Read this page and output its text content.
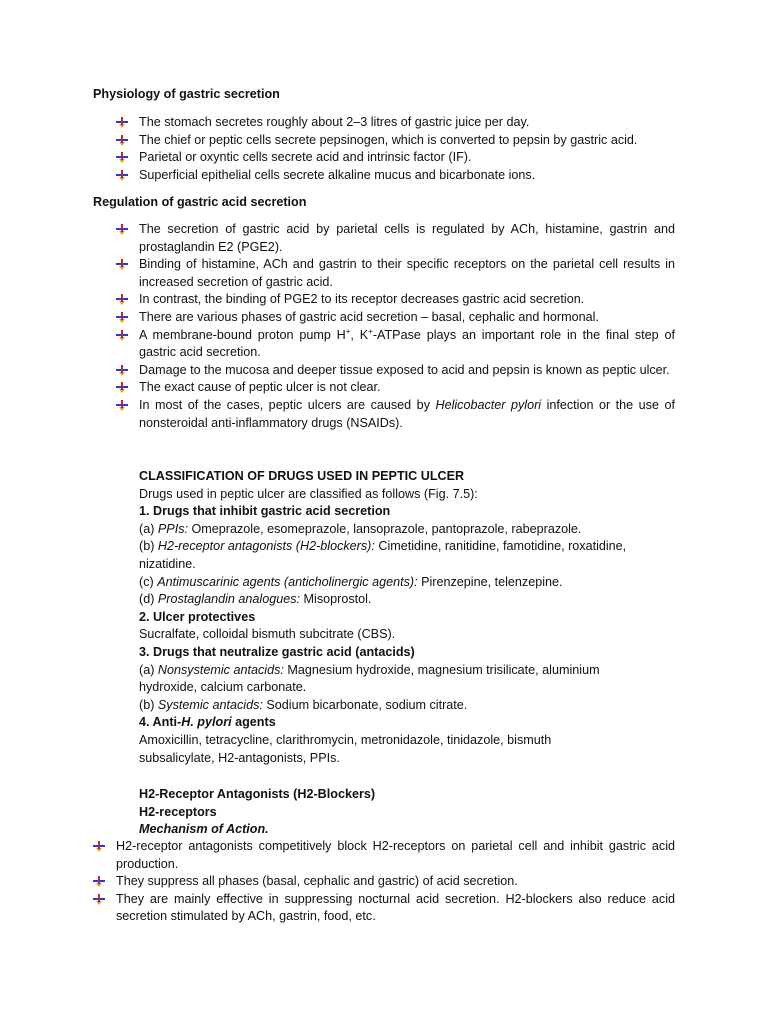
Physiology of gastric secretion
The stomach secretes roughly about 2–3 litres of gastric juice per day.
The chief or peptic cells secrete pepsinogen, which is converted to pepsin by gastric acid.
Parietal or oxyntic cells secrete acid and intrinsic factor (IF).
Superficial epithelial cells secrete alkaline mucus and bicarbonate ions.
Regulation of gastric acid secretion
The secretion of gastric acid by parietal cells is regulated by ACh, histamine, gastrin and prostaglandin E2 (PGE2).
Binding of histamine, ACh and gastrin to their specific receptors on the parietal cell results in increased secretion of gastric acid.
In contrast, the binding of PGE2 to its receptor decreases gastric acid secretion.
There are various phases of gastric acid secretion – basal, cephalic and hormonal.
A membrane-bound proton pump H+, K+-ATPase plays an important role in the final step of gastric acid secretion.
Damage to the mucosa and deeper tissue exposed to acid and pepsin is known as peptic ulcer.
The exact cause of peptic ulcer is not clear.
In most of the cases, peptic ulcers are caused by Helicobacter pylori infection or the use of nonsteroidal anti-inflammatory drugs (NSAIDs).
CLASSIFICATION OF DRUGS USED IN PEPTIC ULCER
Drugs used in peptic ulcer are classified as follows (Fig. 7.5):
1. Drugs that inhibit gastric acid secretion
(a) PPIs: Omeprazole, esomeprazole, lansoprazole, pantoprazole, rabeprazole.
(b) H2-receptor antagonists (H2-blockers): Cimetidine, ranitidine, famotidine, roxatidine, nizatidine.
(c) Antimuscarinic agents (anticholinergic agents): Pirenzepine, telenzepine.
(d) Prostaglandin analogues: Misoprostol.
2. Ulcer protectives
Sucralfate, colloidal bismuth subcitrate (CBS).
3. Drugs that neutralize gastric acid (antacids)
(a) Nonsystemic antacids: Magnesium hydroxide, magnesium trisilicate, aluminium hydroxide, calcium carbonate.
(b) Systemic antacids: Sodium bicarbonate, sodium citrate.
4. Anti-H. pylori agents
Amoxicillin, tetracycline, clarithromycin, metronidazole, tinidazole, bismuth subsalicylate, H2-antagonists, PPIs.
H2-Receptor Antagonists (H2-Blockers)
H2-receptors
Mechanism of Action.
H2-receptor antagonists competitively block H2-receptors on parietal cell and inhibit gastric acid production.
They suppress all phases (basal, cephalic and gastric) of acid secretion.
They are mainly effective in suppressing nocturnal acid secretion. H2-blockers also reduce acid secretion stimulated by ACh, gastrin, food, etc.
